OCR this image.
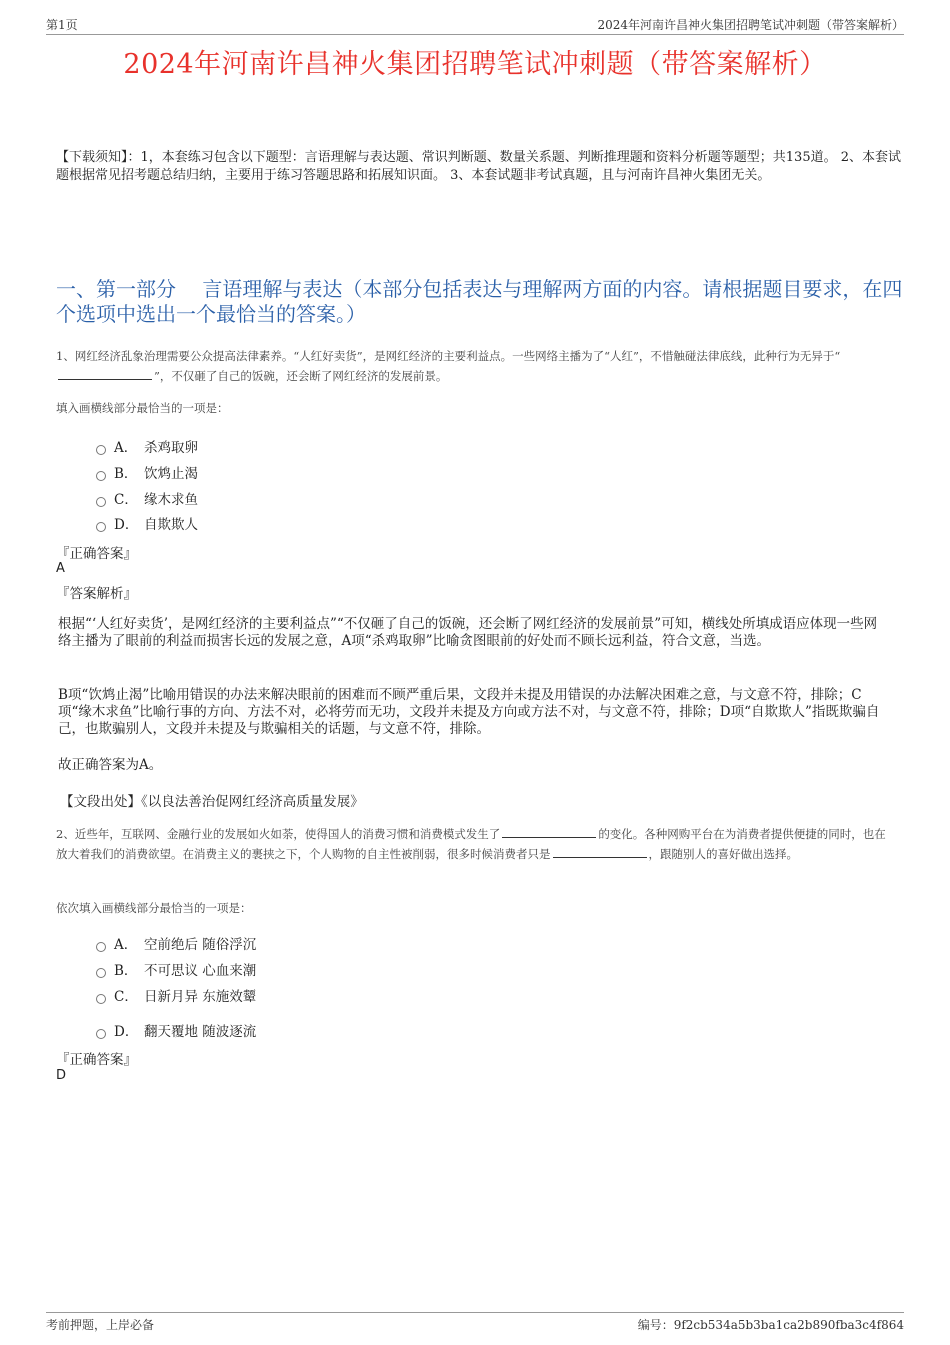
第1页	2024年河南许昌神火集团招聘笔试冲刺题（带答案解析）
2024年河南许昌神火集团招聘笔试冲刺题（带答案解析）
【下载须知】：1，本套练习包含以下题型：言语理解与表达题、常识判断题、数量关系题、判断推理题和资料分析题等题型；共135道。 2、本套试题根据常见招考题总结归纳，主要用于练习答题思路和拓展知识面。 3、本套试题非考试真题，且与河南许昌神火集团无关。
一、第一部分　 言语理解与表达（本部分包括表达与理解两方面的内容。请根据题目要求，在四个选项中选出一个最恰当的答案。）
1、网红经济乱象治理需要公众提高法律素养。“人红好卖货”，是网红经济的主要利益点。一些网络主播为了“人红”，不惜触碰法律底线，此种行为无异于“”，不仅砸了自己的饭碗，还会断了网红经济的发展前景。
填入画横线部分最恰当的一项是：
A． 杀鸡取卵
B． 饮鸩止渴
C． 缘木求鱼
D． 自欺欺人
『正确答案』
A
『答案解析』
根据“‘人红好卖货’，是网红经济的主要利益点”“不仅砸了自己的饭碗，还会断了网红经济的发展前景”可知，横线处所填成语应体现一些网络主播为了眼前的利益而损害长远的发展之意，A项“杀鸡取卵”比喻贪图眼前的好处而不顾长远利益，符合文意，当选。
B项“饮鸩止渴”比喻用错误的办法来解决眼前的困难而不顾严重后果，文段并未提及用错误的办法解决困难之意，与文意不符，排除；C项“缘木求鱼”比喻行事的方向、方法不对，必将劳而无功，文段并未提及方向或方法不对，与文意不符，排除；D项“自欺欺人”指既欺骗自己，也欺骗别人，文段并未提及与欺骗相关的话题，与文意不符，排除。
故正确答案为A。
【文段出处】《以良法善治促网红经济高质量发展》
2、近些年，互联网、金融行业的发展如火如荼，使得国人的消费习惯和消费模式发生了	的变化。各种网购平台在为消费者提供便捷的同时，也在放大着我们的消费欲望。在消费主义的裹挟之下，个人购物的自主性被削弱，很多时候消费者只是	，跟随别人的喜好做出选择。
依次填入画横线部分最恰当的一项是：
A． 空前绝后 随俗浮沉
B． 不可思议 心血来潮
C． 日新月异 东施效颦
D． 翻天覆地 随波逐流
『正确答案』
D
考前押题，上岸必备	编号：9f2cb534a5b3ba1ca2b890fba3c4f864
